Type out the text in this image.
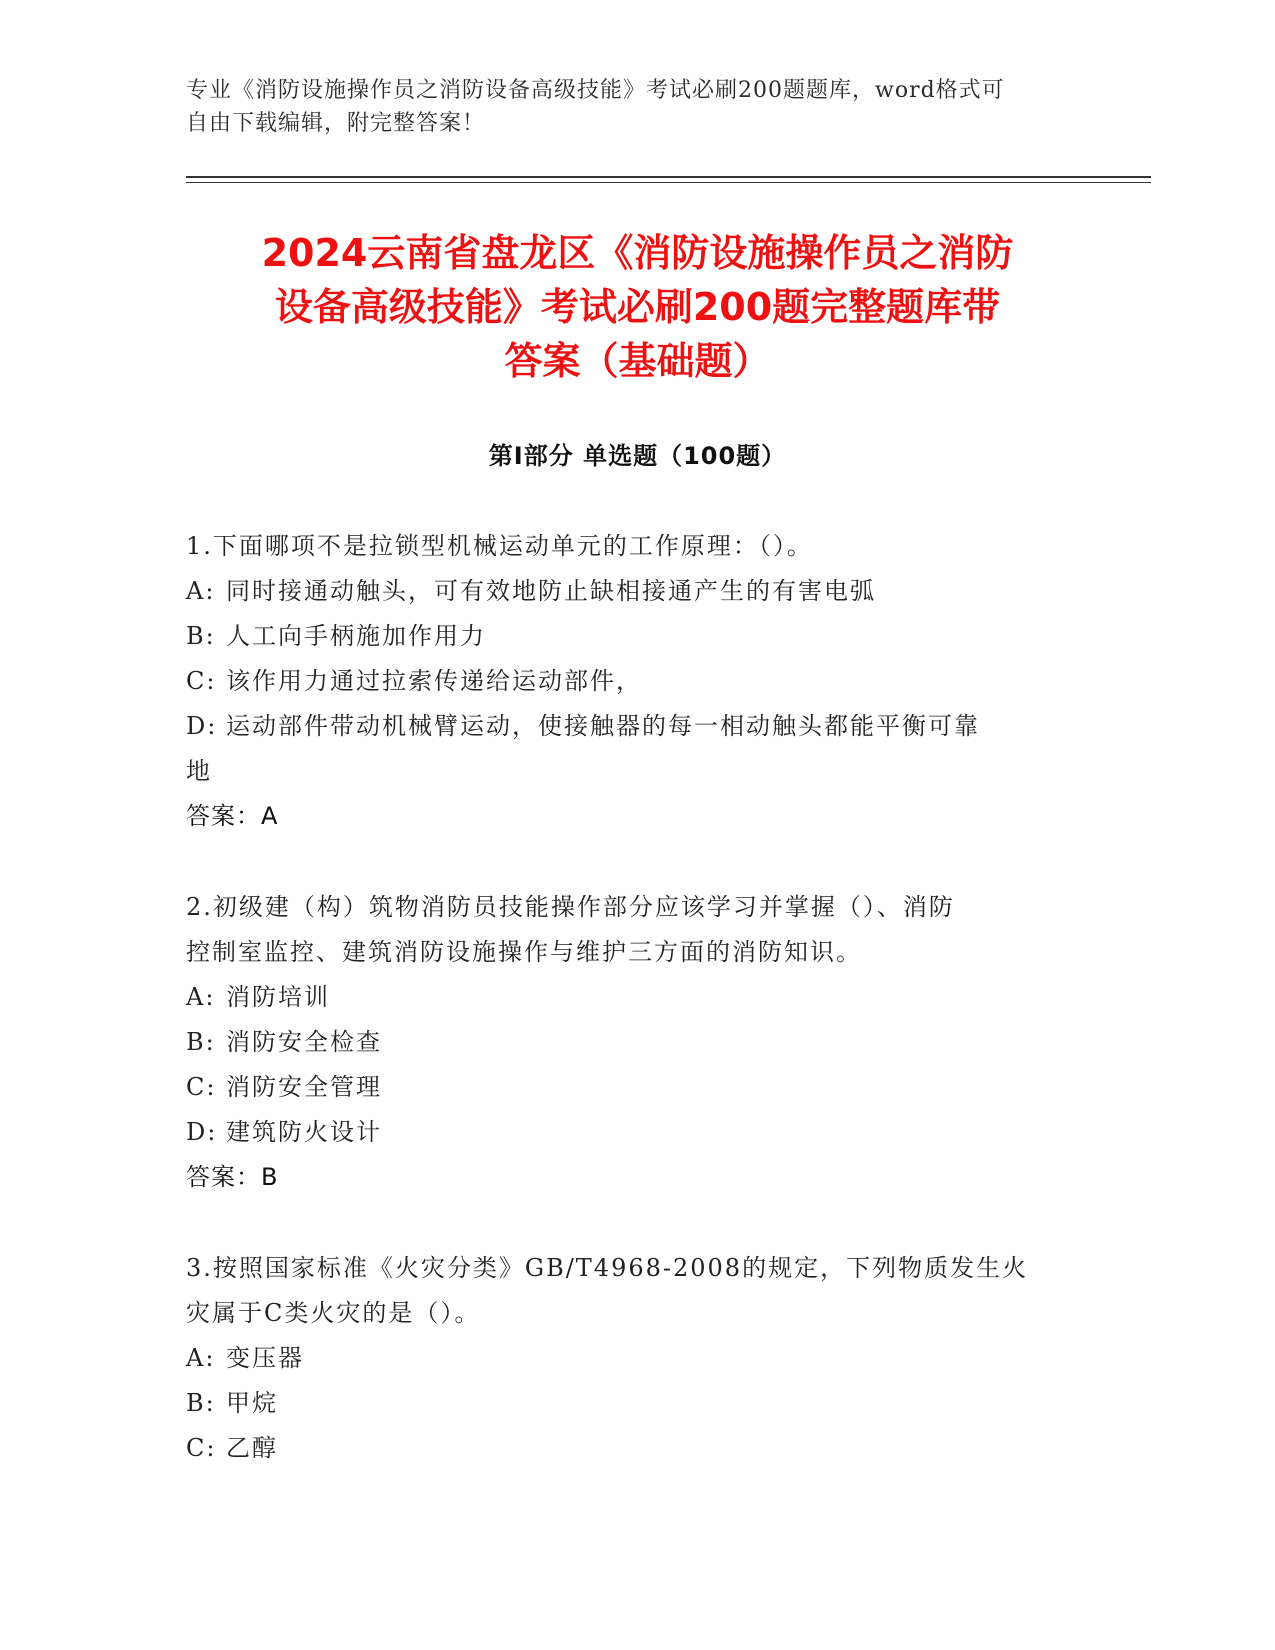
专业《消防设施操作员之消防设备高级技能》考试必刷200题题库，word格式可
自由下载编辑，附完整答案！
2024云南省盘龙区《消防设施操作员之消防
设备高级技能》考试必刷200题完整题库带
答案（基础题）
第I部分 单选题（100题）
1.下面哪项不是拉锁型机械运动单元的工作原理：（）。
A: 同时接通动触头，可有效地防止缺相接通产生的有害电弧
B: 人工向手柄施加作用力
C: 该作用力通过拉索传递给运动部件，
D: 运动部件带动机械臂运动，使接触器的每一相动触头都能平衡可靠
地
答案：A
2.初级建（构）筑物消防员技能操作部分应该学习并掌握（）、消防
控制室监控、建筑消防设施操作与维护三方面的消防知识。
A: 消防培训
B: 消防安全检查
C: 消防安全管理
D: 建筑防火设计
答案：B
3.按照国家标准《火灾分类》GB/T4968-2008的规定，下列物质发生火
灾属于C类火灾的是（）。
A: 变压器
B: 甲烷
C: 乙醇
